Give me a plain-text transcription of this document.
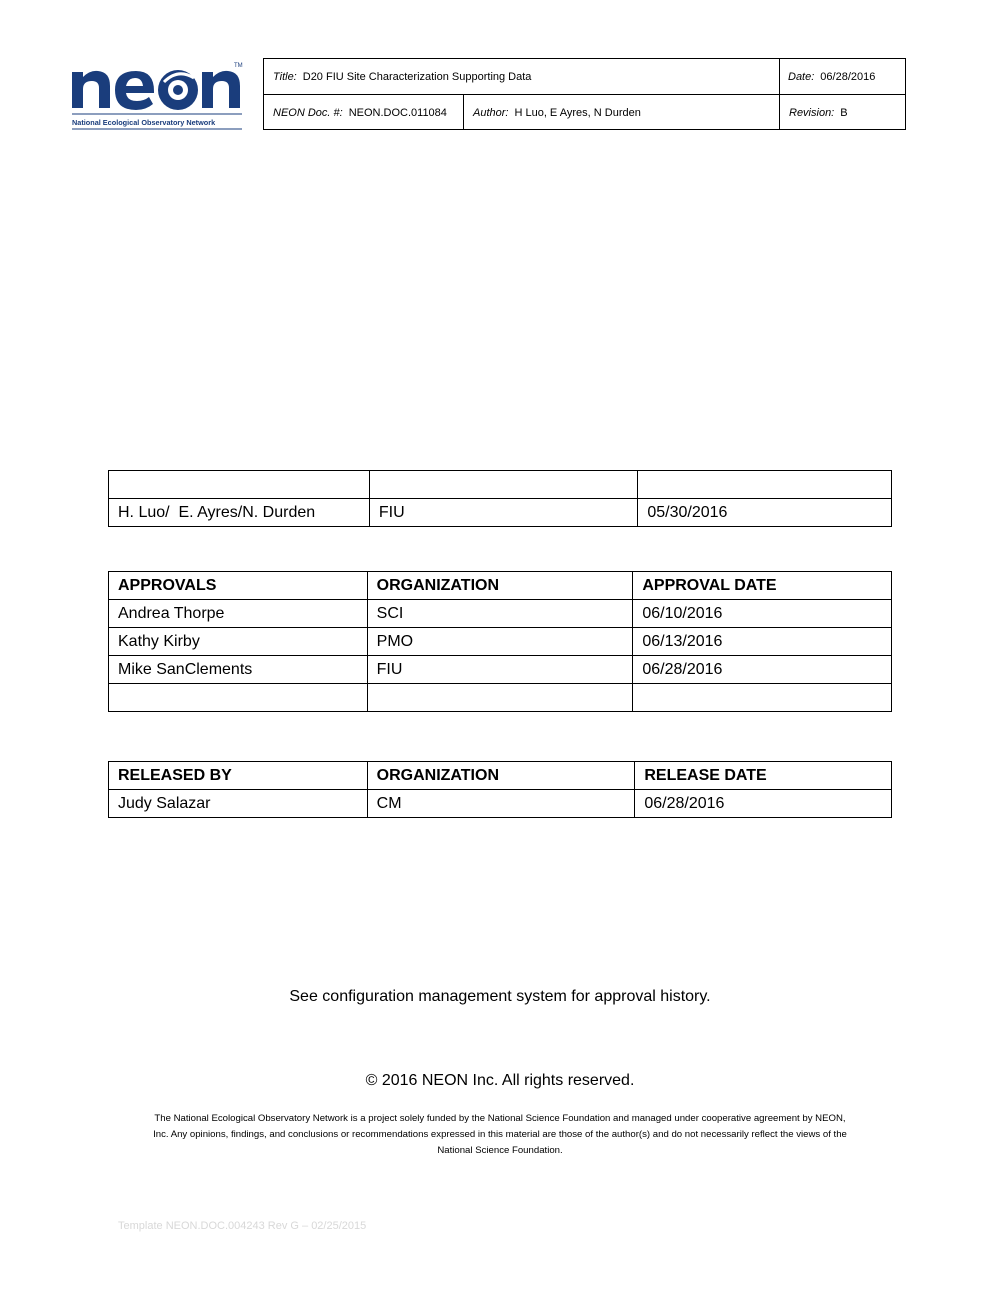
TM
National Ecological Observatory Network
Title: D20 FIU Site Characterization Supporting Data	Date: 06/28/2016
NEON Doc. #: NEON.DOC.011084 Author: H Luo, E Ayres, N Durden	Revision: B

H. Luo/  E. Ayres/N. Durden	FIU	05/30/2016
APPROVALS	ORGANIZATION	APPROVAL DATE
Andrea Thorpe	SCI	06/10/2016
Kathy Kirby	PMO	06/13/2016
Mike SanClements	FIU	06/28/2016

RELEASED BY	ORGANIZATION	RELEASE DATE
Judy Salazar	CM	06/28/2016
See configuration management system for approval history.
© 2016 NEON Inc. All rights reserved.
The National Ecological Observatory Network is a project solely funded by the National Science Foundation and managed under cooperative agreement by NEON,
Inc. Any opinions, findings, and conclusions or recommendations expressed in this material are those of the author(s) and do not necessarily reflect the views of the
National Science Foundation.
Template NEON.DOC.004243 Rev G – 02/25/2015
